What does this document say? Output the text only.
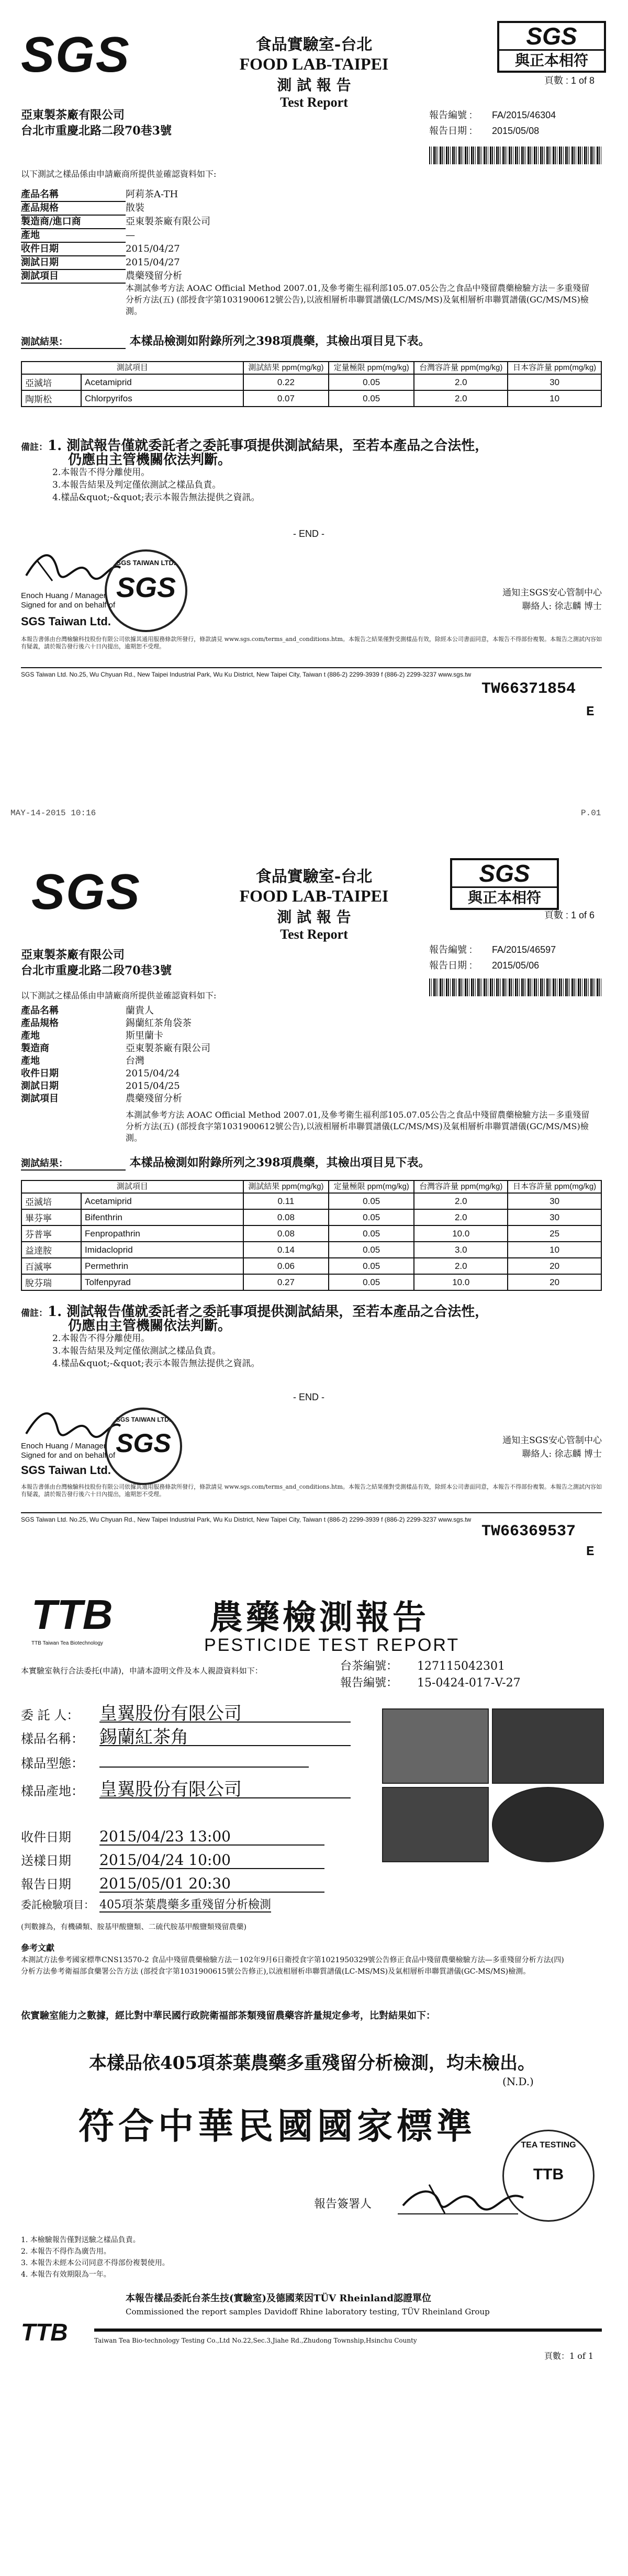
SGS	食品實驗室-台北
FOOD LAB-TAIPEI
測 試 報 告
Test Report
SGS
與正本相符
頁數 : 1 of 8
亞東製茶廠有限公司
台北市重慶北路二段70巷3號
報告編號 : FA/2015/46304
報告日期 : 2015/05/08
以下測試之樣品係由申請廠商所提供並確認資料如下:
產品名稱	阿莉茶A-TH
產品規格	散裝
製造商/進口商	亞東製茶廠有限公司
產地	—
收件日期	2015/04/27
測試日期	2015/04/27
測試項目	農藥殘留分析
本測試參考方法 AOAC Official Method 2007.01,及參考衛生福利部105.07.05公告之食品中殘留農藥檢驗方法－多重殘留分析方法(五) (部授食字第1031900612號公告),以液相層析串聯質譜儀(LC/MS/MS)及氣相層析串聯質譜儀(GC/MS/MS)檢測。
測試結果：	本樣品檢測如附錄所列之398項農藥，其檢出項目見下表。
測試項目		測試結果 ppm(mg/kg)	定量極限 ppm(mg/kg)	台灣容許量 ppm(mg/kg)	日本容許量 ppm(mg/kg)
亞滅培	Acetamiprid	0.22	0.05	2.0	30
陶斯松	Chlorpyrifos	0.07	0.05	2.0	10
備註：1. 測試報告僅就委託者之委託事項提供測試結果，至若本產品之合法性，
仍應由主管機關依法判斷。
2.本報告不得分離使用。
3.本報告結果及判定僅依測試之樣品負責。
4.樣品&quot;-&quot;表示本報告無法提供之資訊。
- END -
SGS TAIWAN LTD.
SGS
Enoch Huang / Manager
Signed for and on behalf of
SGS Taiwan Ltd.
通知主SGS安心管制中心
聯絡人: 徐志麟 博士
本報告書係由台灣檢驗科技股份有限公司依據其通用服務條款所發行，條款請見 www.sgs.com/terms_and_conditions.htm。本報告之結果僅對受測樣品有效，除經本公司書面同意，本報告不得部份複製。本報告之測試內容如有疑義，請於報告發行後六十日內提出，逾期恕不受理。
SGS Taiwan Ltd. No.25, Wu Chyuan Rd., New Taipei Industrial Park, Wu Ku District, New Taipei City, Taiwan t (886-2) 2299-3939 f (886-2) 2299-3237 www.sgs.tw
TW66371854
E
MAY-14-2015 10:16	P.01
SGS	食品實驗室-台北
FOOD LAB-TAIPEI
測 試 報 告
Test Report
SGS
與正本相符
頁數 : 1 of 6
亞東製茶廠有限公司
台北市重慶北路二段70巷3號
報告編號 : FA/2015/46597
報告日期 : 2015/05/06
以下測試之樣品係由申請廠商所提供並確認資料如下:
產品名稱	蘭貴人
產品規格	錫蘭紅茶角袋茶
產地	斯里蘭卡
製造商	亞東製茶廠有限公司
產地	台灣
收件日期	2015/04/24
測試日期	2015/04/25
測試項目	農藥殘留分析
本測試參考方法 AOAC Official Method 2007.01,及參考衛生福利部105.07.05公告之食品中殘留農藥檢驗方法－多重殘留分析方法(五) (部授食字第1031900612號公告),以液相層析串聯質譜儀(LC/MS/MS)及氣相層析串聯質譜儀(GC/MS/MS)檢測。
測試結果：	本樣品檢測如附錄所列之398項農藥，其檢出項目見下表。
測試項目		測試結果 ppm(mg/kg)	定量極限 ppm(mg/kg)	台灣容許量 ppm(mg/kg)	日本容許量 ppm(mg/kg)
亞滅培	Acetamiprid	0.11	0.05	2.0	30
畢芬寧	Bifenthrin	0.08	0.05	2.0	30
芬普寧	Fenpropathrin	0.08	0.05	10.0	25
益達胺	Imidacloprid	0.14	0.05	3.0	10
百滅寧	Permethrin	0.06	0.05	2.0	20
脫芬瑞	Tolfenpyrad	0.27	0.05	10.0	20
備註：1. 測試報告僅就委託者之委託事項提供測試結果，至若本產品之合法性，
仍應由主管機關依法判斷。
2.本報告不得分離使用。
3.本報告結果及判定僅依測試之樣品負責。
4.樣品&quot;-&quot;表示本報告無法提供之資訊。
- END -
SGS TAIWAN LTD.
SGS
Enoch Huang / Manager
Signed for and on behalf of
SGS Taiwan Ltd.
通知主SGS安心管制中心
聯絡人: 徐志麟 博士
本報告書係由台灣檢驗科技股份有限公司依據其通用服務條款所發行，條款請見 www.sgs.com/terms_and_conditions.htm。本報告之結果僅對受測樣品有效，除經本公司書面同意，本報告不得部份複製。本報告之測試內容如有疑義，請於報告發行後六十日內提出，逾期恕不受理。
SGS Taiwan Ltd. No.25, Wu Chyuan Rd., New Taipei Industrial Park, Wu Ku District, New Taipei City, Taiwan t (886-2) 2299-3939 f (886-2) 2299-3237 www.sgs.tw
TW66369537
E
TTB
TTB Taiwan Tea Biotechnology
農藥檢測報告
PESTICIDE TEST REPORT
本實驗室執行合法委托(申請)，申請本證明文件及本人親證資料如下：	台茶編號： 127115042301
報告編號： 15-0424-017-V-27
委 託 人： 皇翼股份有限公司
樣品名稱： 錫蘭紅茶角
樣品型態：
樣品產地： 皇翼股份有限公司
收件日期 2015/04/23 13:00
送樣日期 2015/04/24 10:00
報告日期 2015/05/01 20:30
委託檢驗項目： 405項茶葉農藥多重殘留分析檢測
(判數據為，有機磷類、胺基甲酸鹽類、二硫代胺基甲酸鹽類殘留農藥)
參考文獻
本測試方法參考國家標準CNS13570-2 食品中殘留農藥檢驗方法－102年9月6日衛授食字第1021950329號公告修正食品中殘留農藥檢驗方法—多重殘留分析方法(四)
分析方法參考衛福部食藥署公告方法 (部授食字第1031900615號公告修正),以液相層析串聯質譜儀(LC-MS/MS)及氣相層析串聯質譜儀(GC-MS/MS)檢測。
依實驗室能力之數據，經比對中華民國行政院衛福部茶類殘留農藥容許量規定參考，比對結果如下：
本樣品依405項茶葉農藥多重殘留分析檢測，均未檢出。
(N.D.)
符合中華民國國家標準	TEA TESTING
TTB
報告簽署人
1. 本檢驗報告僅對送驗之樣品負責。
2. 本報告不得作為廣告用。
3. 本報告未經本公司同意不得部份複製使用。
4. 本報告有效期限為一年。
本報告樣品委託台茶生技(實驗室)及德國萊因TÜV Rheinland認證單位
Commissioned the report samples Davidoff Rhine laboratory testing, TÜV Rheinland Group
TTB	Taiwan Tea Bio-technology Testing Co.,Ltd No.22,Sec.3,Jiahe Rd.,Zhudong Township,Hsinchu County
頁數：1 of 1
